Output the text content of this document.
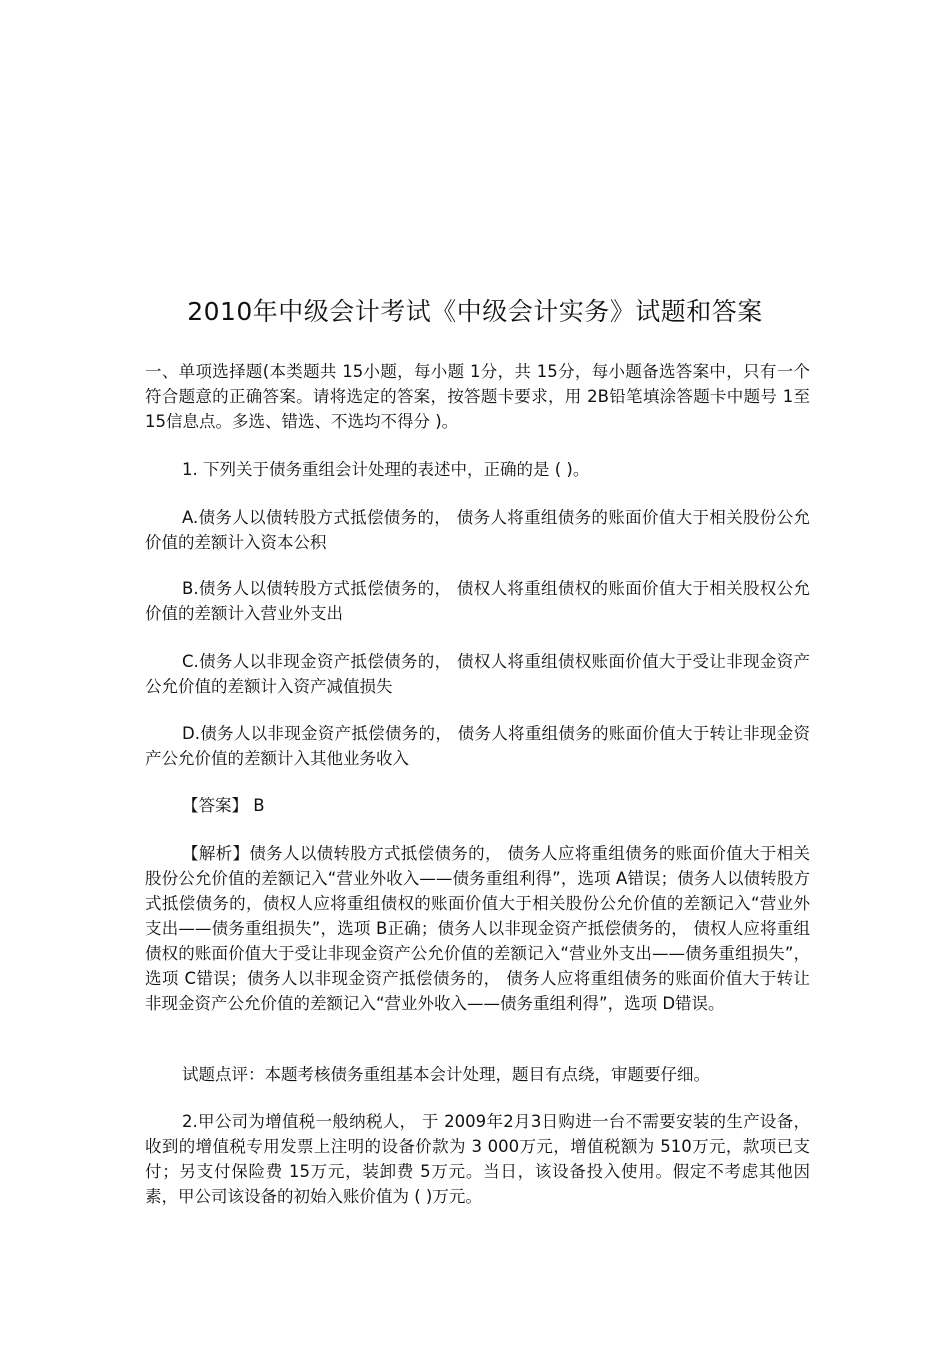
2010年中级会计考试《中级会计实务》试题和答案

一、单项选择题(本类题共 15小题，每小题 1分，共 15分，每小题备选答案中，只有一个符合题意的正确答案。请将选定的答案，按答题卡要求，用 2B铅笔填涂答题卡中题号 1至15信息点。多选、错选、不选均不得分 )。

1. 下列关于债务重组会计处理的表述中，正确的是 ( )。

A.债务人以债转股方式抵偿债务的， 债务人将重组债务的账面价值大于相关股份公允价值的差额计入资本公积

B.债务人以债转股方式抵偿债务的， 债权人将重组债权的账面价值大于相关股权公允价值的差额计入营业外支出

C.债务人以非现金资产抵偿债务的， 债权人将重组债权账面价值大于受让非现金资产公允价值的差额计入资产减值损失

D.债务人以非现金资产抵偿债务的， 债务人将重组债务的账面价值大于转让非现金资产公允价值的差额计入其他业务收入

【答案】 B

【解析】债务人以债转股方式抵偿债务的， 债务人应将重组债务的账面价值大于相关股份公允价值的差额记入“营业外收入——债务重组利得”，选项 A错误；债务人以债转股方式抵偿债务的，债权人应将重组债权的账面价值大于相关股份公允价值的差额记入“营业外支出——债务重组损失”，选项 B正确；债务人以非现金资产抵偿债务的， 债权人应将重组债权的账面价值大于受让非现金资产公允价值的差额记入“营业外支出——债务重组损失”，选项 C错误；债务人以非现金资产抵偿债务的， 债务人应将重组债务的账面价值大于转让非现金资产公允价值的差额记入“营业外收入——债务重组利得”，选项 D错误。

试题点评：本题考核债务重组基本会计处理，题目有点绕，审题要仔细。

2.甲公司为增值税一般纳税人， 于 2009年2月3日购进一台不需要安装的生产设备，收到的增值税专用发票上注明的设备价款为 3 000万元，增值税额为 510万元，款项已支付；另支付保险费 15万元，装卸费 5万元。当日，该设备投入使用。假定不考虑其他因素，甲公司该设备的初始入账价值为 ( )万元。
